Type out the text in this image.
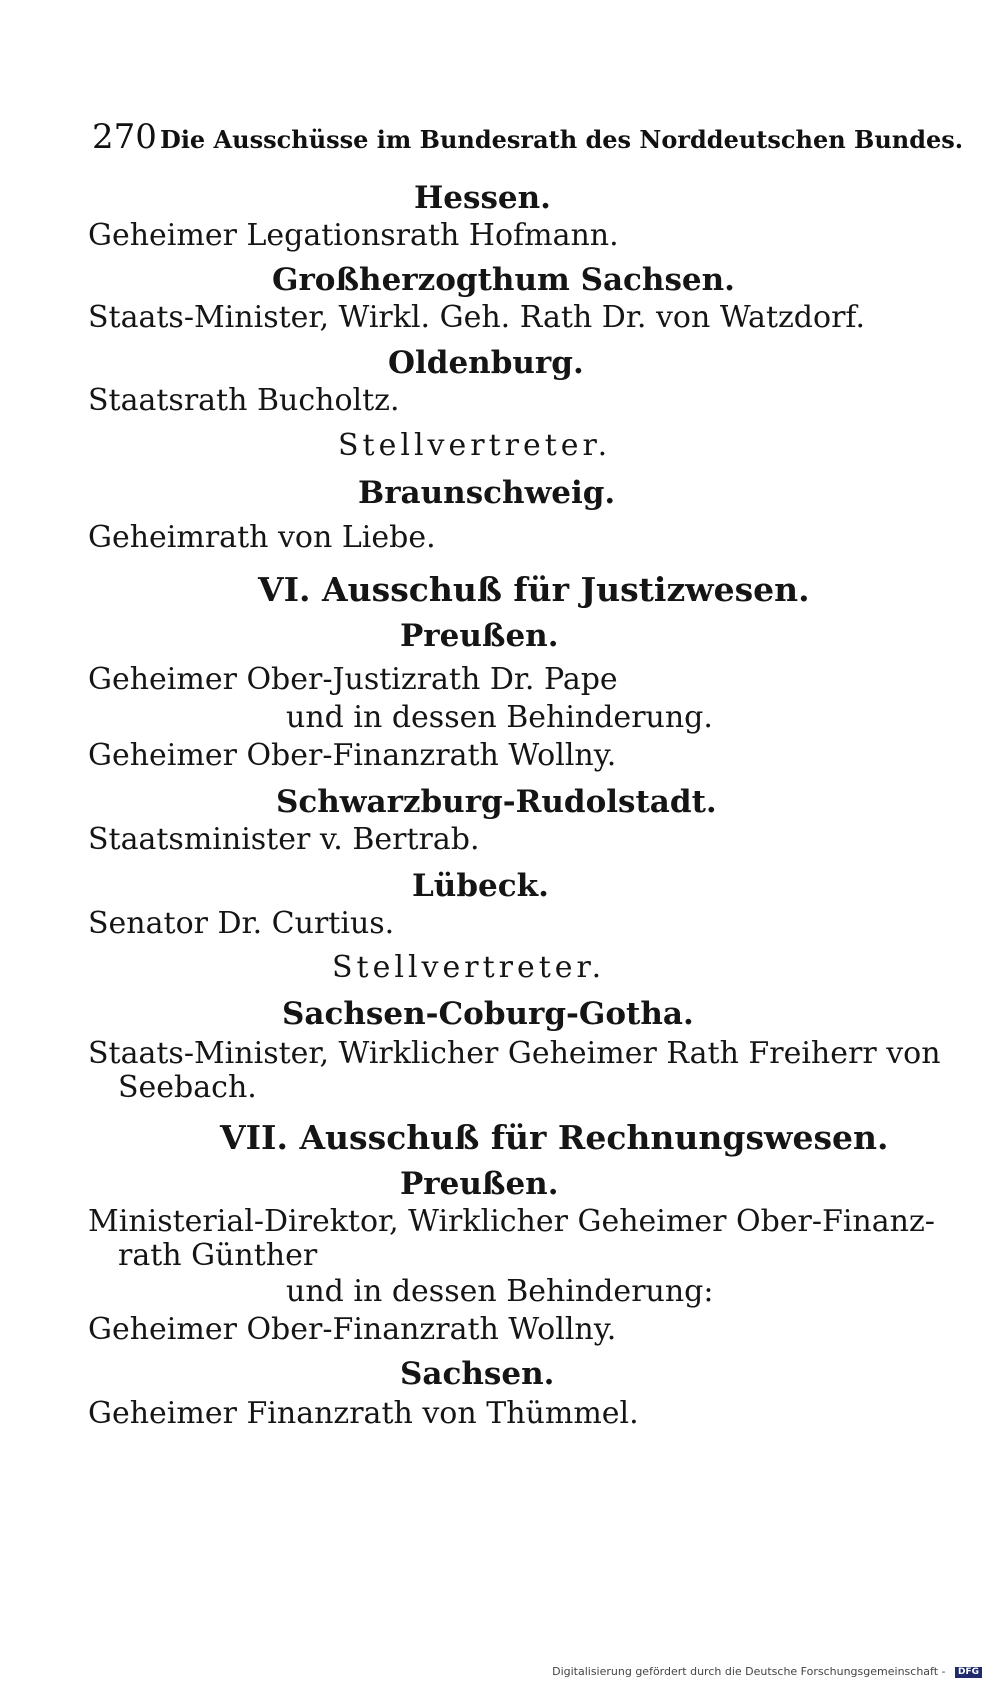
270 Die Ausschüsse im Bundesrath des Norddeutschen Bundes.
Hessen.
Geheimer Legationsrath Hofmann.
Großherzogthum Sachsen.
Staats-Minister, Wirkl. Geh. Rath Dr. von Watzdorf.
Oldenburg.
Staatsrath Bucholtz.
Stellvertreter.
Braunschweig.
Geheimrath von Liebe.
VI. Ausschuß für Justizwesen.
Preußen.
Geheimer Ober-Justizrath Dr. Pape
und in dessen Behinderung.
Geheimer Ober-Finanzrath Wollny.
Schwarzburg-Rudolstadt.
Staatsminister v. Bertrab.
Lübeck.
Senator Dr. Curtius.
Stellvertreter.
Sachsen-Coburg-Gotha.
Staats-Minister, Wirklicher Geheimer Rath Freiherr von
Seebach.
VII. Ausschuß für Rechnungswesen.
Preußen.
Ministerial-Direktor, Wirklicher Geheimer Ober-Finanz-
rath Günther
und in dessen Behinderung:
Geheimer Ober-Finanzrath Wollny.
Sachsen.
Geheimer Finanzrath von Thümmel.
Digitalisierung gefördert durch die Deutsche Forschungsgemeinschaft - DFG
